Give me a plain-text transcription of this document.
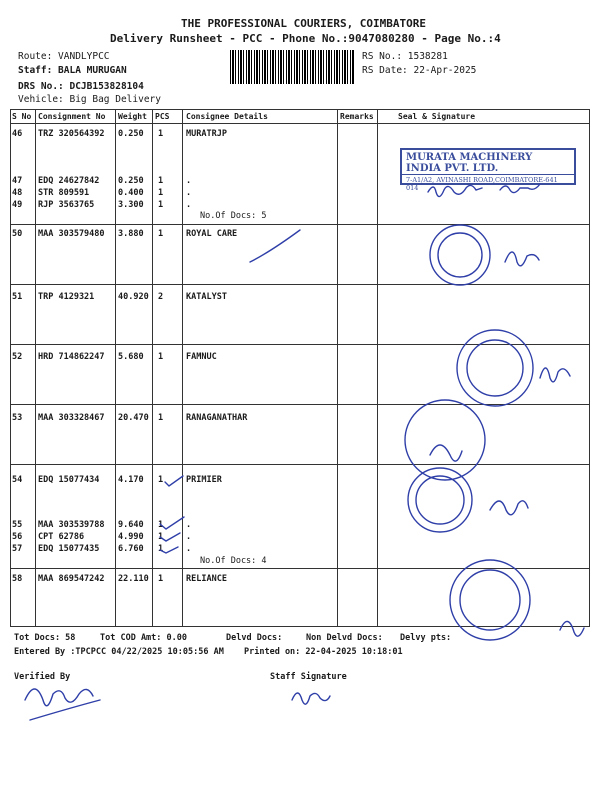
THE PROFESSIONAL COURIERS, COIMBATORE
Delivery Runsheet - PCC - Phone No.:9047080280 - Page No.:4
Route: VANDLYPCC
Staff: BALA MURUGAN
DRS No.: DCJB153828104
Vehicle: Big Bag Delivery
RS No.: 1538281
RS Date: 22-Apr-2025
S No Consignment No Weight PCS Consignee Details	Remarks	Seal & Signature
46 TRZ 320564392 0.250 1	MURATRJP
47 EDQ 24627842 0.250 1	.
48 STR 809591	0.400 1	.
49 RJP 3563765	3.300 1	.
No.Of Docs: 5
50 MAA 303579480 3.880 1	ROYAL CARE
51 TRP 4129321	40.920 2	KATALYST
52 HRD 714862247 5.680 1	FAMNUC
53 MAA 303328467 20.470 1	RANAGANATHAR
54 EDQ 15077434 4.170 1	PRIMIER
55 MAA 303539788 9.640 1	.
56 CPT 62786	4.990 1	.
57 EDQ 15077435 6.760 1	.
No.Of Docs: 4
58 MAA 869547242 22.110 1	RELIANCE
MURATA MACHINERY INDIA PVT. LTD.
7-A1/A2, AVINASHI ROAD,COIMBATORE-641 014
Tot Docs: 58	Tot COD Amt: 0.00	Delvd Docs:	Non Delvd Docs: Delvy pts:
Entered By :TPCPCC 04/22/2025 10:05:56 AM Printed on: 22-04-2025 10:18:01
Verified By	Staff Signature
